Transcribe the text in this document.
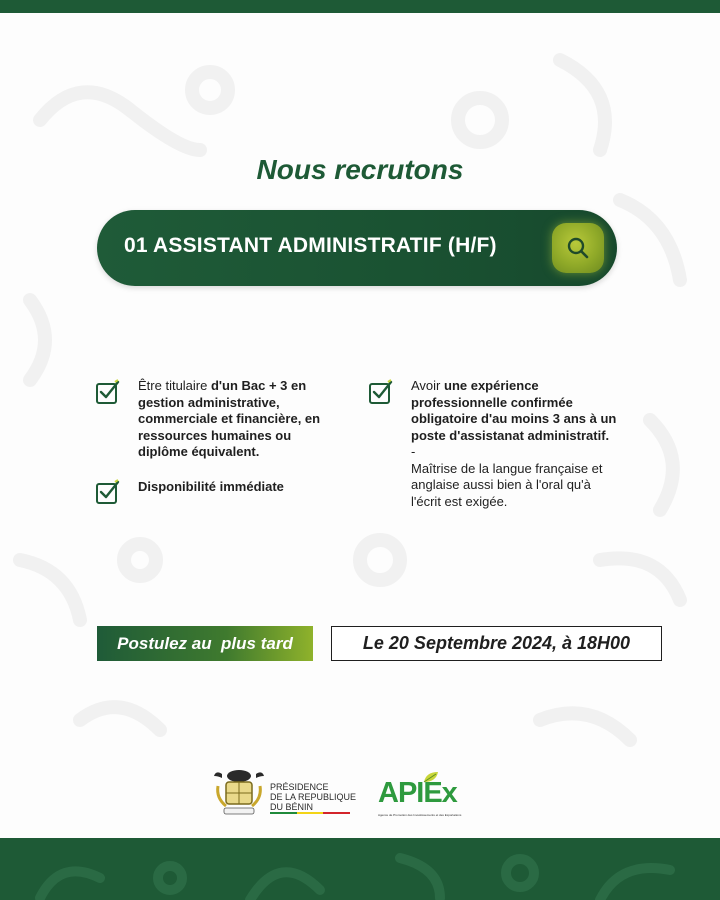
Nous recrutons
01 ASSISTANT ADMINISTRATIF (H/F)
Être titulaire d'un Bac + 3 en gestion administrative, commerciale et financière, en ressources humaines ou diplôme équivalent.
Disponibilité immédiate
Avoir une expérience professionnelle confirmée obligatoire d'au moins 3 ans à un poste d'assistanat administratif.
-
Maîtrise de la langue française et anglaise aussi bien à l'oral qu'à l'écrit est exigée.
Postulez au  plus tard	Le 20 Septembre 2024, à 18H00
PRÉSIDENCE
DE LA REPUBLIQUE
DU BÉNIN	APIEx
Agence de Promotion des Investissements et des Exportations
